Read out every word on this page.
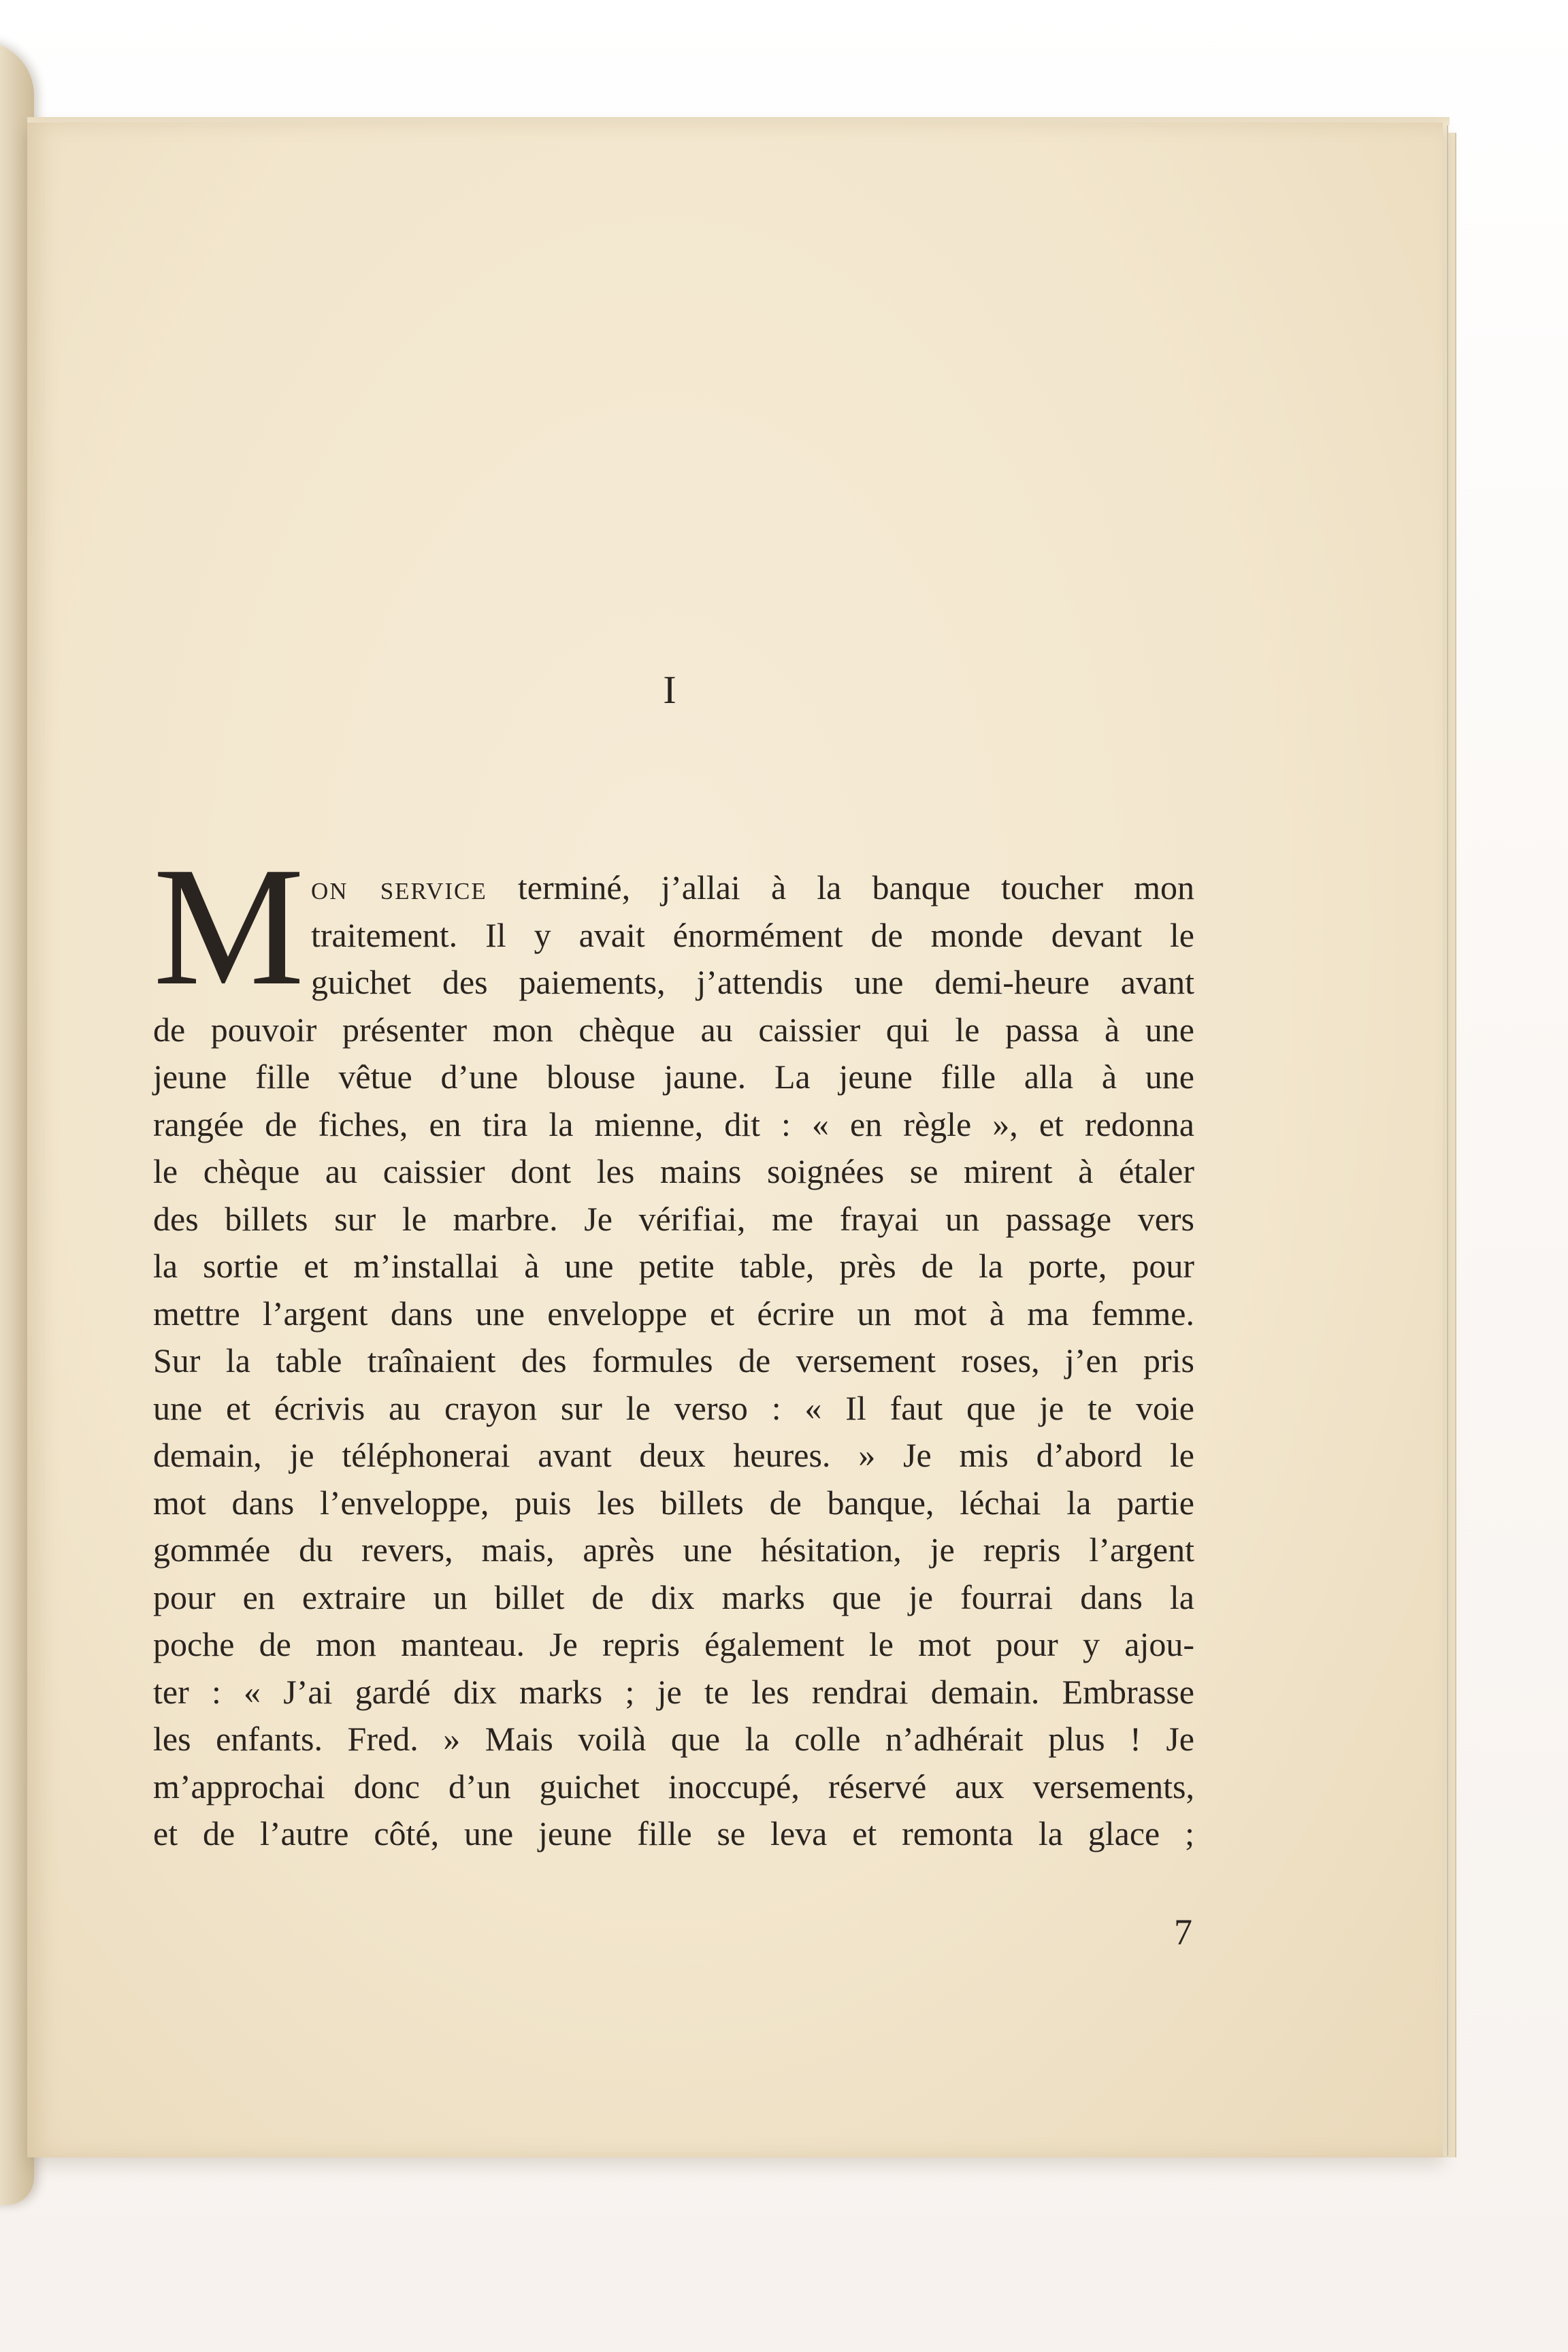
I
M on service terminé, j’allai à la banque toucher mon
traitement. Il y avait énormément de monde devant le
guichet des paiements, j’attendis une demi-heure avant
de pouvoir présenter mon chèque au caissier qui le passa à une
jeune fille vêtue d’une blouse jaune. La jeune fille alla à une
rangée de fiches, en tira la mienne, dit : « en règle », et redonna
le chèque au caissier dont les mains soignées se mirent à étaler
des billets sur le marbre. Je vérifiai, me frayai un passage vers
la sortie et m’installai à une petite table, près de la porte, pour
mettre l’argent dans une enveloppe et écrire un mot à ma femme.
Sur la table traînaient des formules de versement roses, j’en pris
une et écrivis au crayon sur le verso : « Il faut que je te voie
demain, je téléphonerai avant deux heures. » Je mis d’abord le
mot dans l’enveloppe, puis les billets de banque, léchai la partie
gommée du revers, mais, après une hésitation, je repris l’argent
pour en extraire un billet de dix marks que je fourrai dans la
poche de mon manteau. Je repris également le mot pour y ajou-
ter : « J’ai gardé dix marks ; je te les rendrai demain. Embrasse
les enfants. Fred. » Mais voilà que la colle n’adhérait plus ! Je
m’approchai donc d’un guichet inoccupé, réservé aux versements,
et de l’autre côté, une jeune fille se leva et remonta la glace ;
7
